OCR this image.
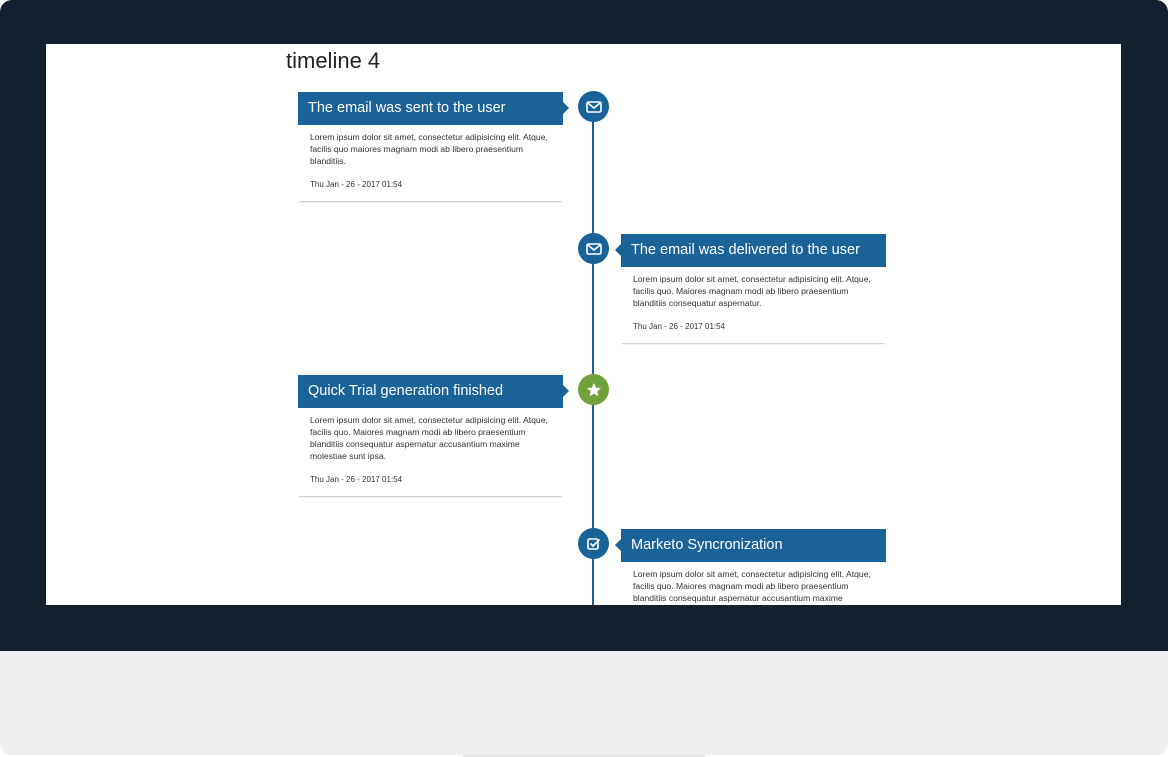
timeline 4
The email was sent to the user
Lorem ipsum dolor sit amet, consectetur adipisicing elit. Atque, facilis quo maiores magnam modi ab libero praesentium blanditiis.
Thu Jan - 26 - 2017 01:54
The email was delivered to the user
Lorem ipsum dolor sit amet, consectetur adipisicing elit. Atque, facilis quo. Maiores magnam modi ab libero praesentium blanditiis consequatur aspernatur.
Thu Jan - 26 - 2017 01:54
Quick Trial generation finished
Lorem ipsum dolor sit amet, consectetur adipisicing elit. Atque, facilis quo. Maiores magnam modi ab libero praesentium blanditiis consequatur aspernatur accusantium maxime molestiae sunt ipsa.
Thu Jan - 26 - 2017 01:54
Marketo Syncronization
Lorem ipsum dolor sit amet, consectetur adipisicing elit. Atque, facilis quo. Maiores magnam modi ab libero praesentium blanditiis consequatur aspernatur accusantium maxime
